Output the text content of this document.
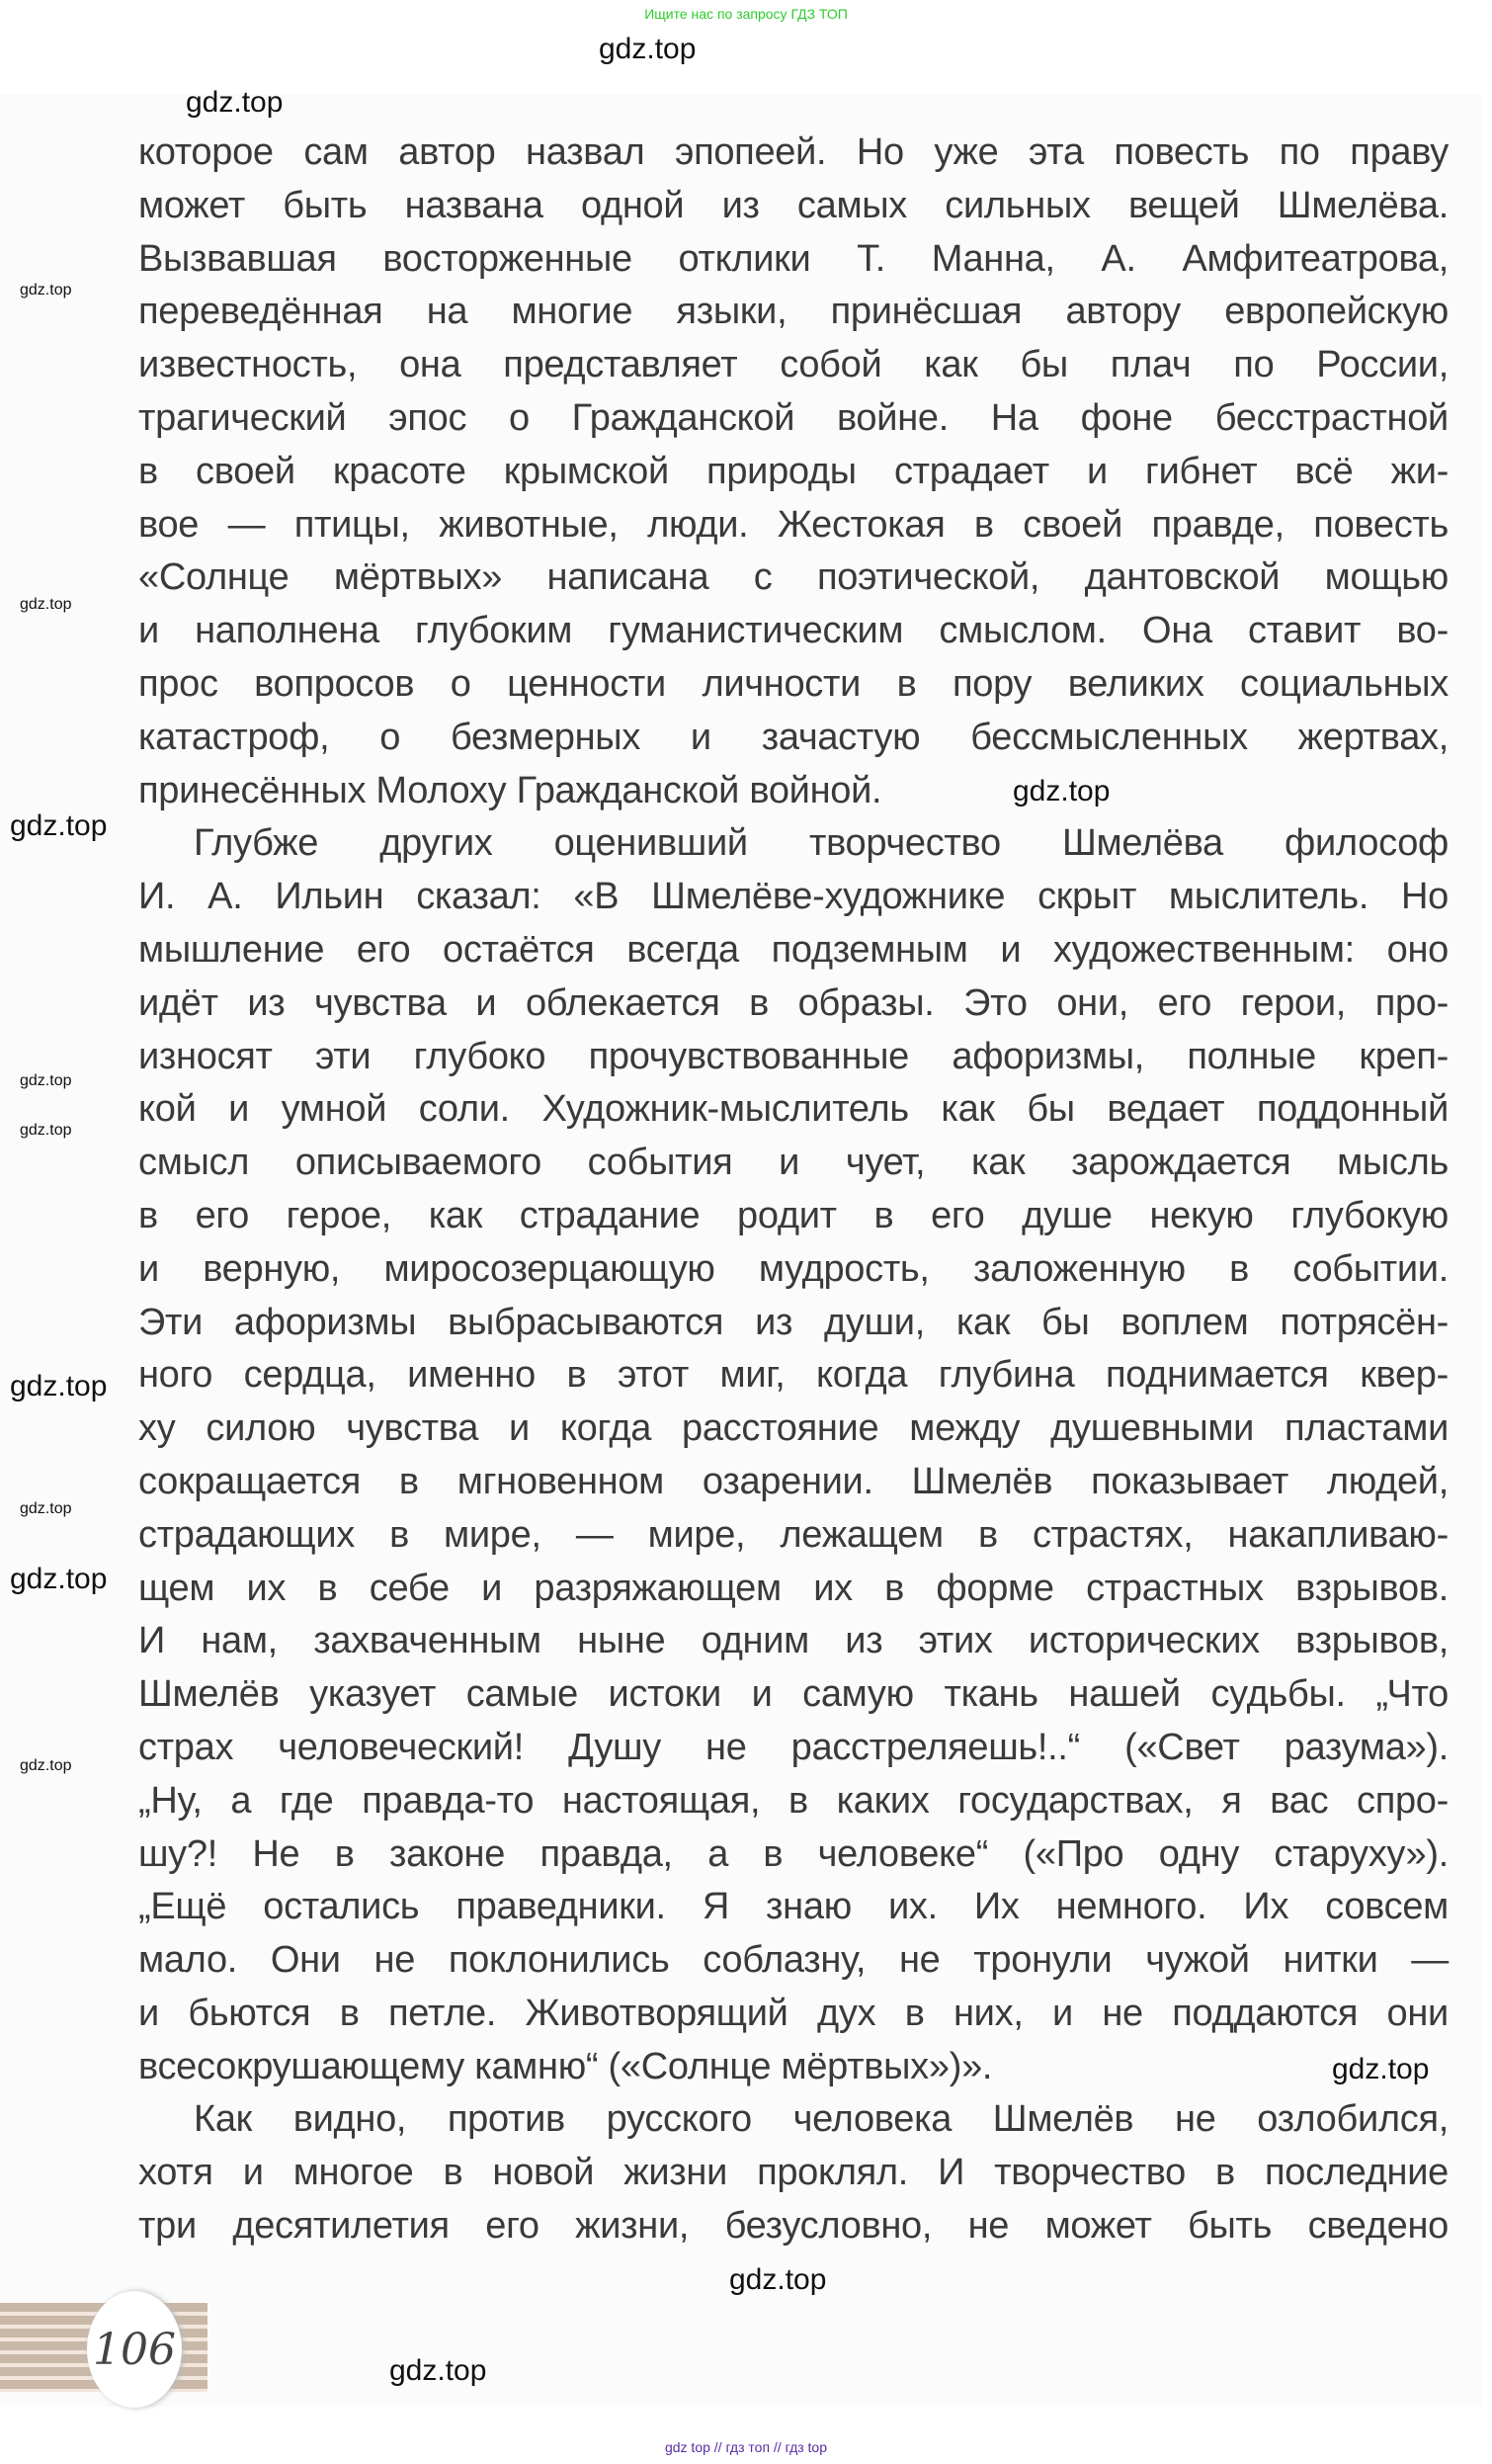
Ищите нас по запросу ГДЗ ТОП
которое сам автор назвал эпопеей. Но уже эта повесть по праву
может быть названа одной из самых сильных вещей Шмелёва.
Вызвавшая восторженные отклики Т. Манна, А. Амфитеатрова,
переведённая на многие языки, принёсшая автору европейскую
известность, она представляет собой как бы плач по России,
трагический эпос о Гражданской войне. На фоне бесстрастной
в своей красоте крымской природы страдает и гибнет всё жи-
вое — птицы, животные, люди. Жестокая в своей правде, повесть
«Солнце мёртвых» написана с поэтической, дантовской мощью
и наполнена глубоким гуманистическим смыслом. Она ставит во-
прос вопросов о ценности личности в пору великих социальных
катастроф, о безмерных и зачастую бессмысленных жертвах,
принесённых Молоху Гражданской войной.
Глубже других оценивший творчество Шмелёва философ
И. А. Ильин сказал: «В Шмелёве-художнике скрыт мыслитель. Но
мышление его остаётся всегда подземным и художественным: оно
идёт из чувства и облекается в образы. Это они, его герои, про-
износят эти глубоко прочувствованные афоризмы, полные креп-
кой и умной соли. Художник-мыслитель как бы ведает поддонный
смысл описываемого события и чует, как зарождается мысль
в его герое, как страдание родит в его душе некую глубокую
и верную, миросозерцающую мудрость, заложенную в событии.
Эти афоризмы выбрасываются из души, как бы воплем потрясён-
ного сердца, именно в этот миг, когда глубина поднимается квер-
ху силою чувства и когда расстояние между душевными пластами
сокращается в мгновенном озарении. Шмелёв показывает людей,
страдающих в мире, — мире, лежащем в страстях, накапливаю-
щем их в себе и разряжающем их в форме страстных взрывов.
И нам, захваченным ныне одним из этих исторических взрывов,
Шмелёв указует самые истоки и самую ткань нашей судьбы. „Что
страх человеческий! Душу не расстреляешь!..“ («Свет разума»).
„Ну, а где правда-то настоящая, в каких государствах, я вас спро-
шу?! Не в законе правда, а в человеке“ («Про одну старуху»).
„Ещё остались праведники. Я знаю их. Их немного. Их совсем
мало. Они не поклонились соблазну, не тронули чужой нитки —
и бьются в петле. Животворящий дух в них, и не поддаются они
всесокрушающему камню“ («Солнце мёртвых»)».
Как видно, против русского человека Шмелёв не озлобился,
хотя и многое в новой жизни проклял. И творчество в последние
три десятилетия его жизни, безусловно, не может быть сведено
gdz.top
gdz.top
gdz.top
gdz.top
gdz.top
gdz.top
gdz.top
gdz.top
gdz.top
gdz.top
gdz.top
gdz.top
gdz.top
gdz.top
gdz.top
106
gdz top // гдз топ // гдз top
